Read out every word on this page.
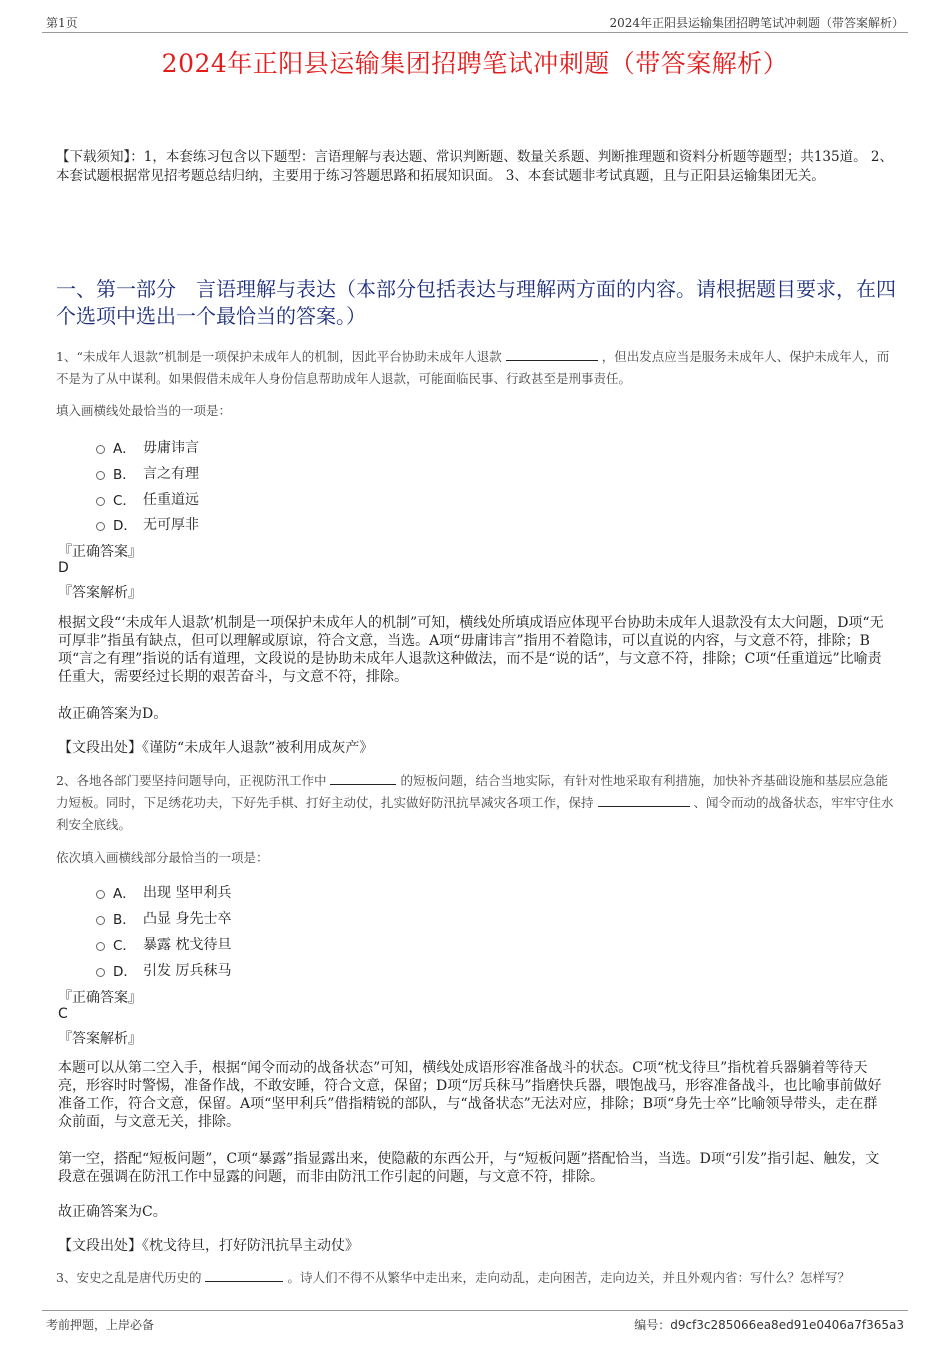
第1页	2024年正阳县运输集团招聘笔试冲刺题（带答案解析）
2024年正阳县运输集团招聘笔试冲刺题（带答案解析）
【下载须知】：1，本套练习包含以下题型：言语理解与表达题、常识判断题、数量关系题、判断推理题和资料分析题等题型；共135道。 2、本套试题根据常见招考题总结归纳，主要用于练习答题思路和拓展知识面。 3、本套试题非考试真题，且与正阳县运输集团无关。
一、第一部分　言语理解与表达（本部分包括表达与理解两方面的内容。请根据题目要求，在四个选项中选出一个最恰当的答案。）
1、“未成年人退款”机制是一项保护未成年人的机制，因此平台协助未成年人退款	，但出发点应当是服务未成年人、保护未成年人，而不是为了从中谋利。如果假借未成年人身份信息帮助成年人退款，可能面临民事、行政甚至是刑事责任。
填入画横线处最恰当的一项是：
A． 毋庸讳言
B． 言之有理
C． 任重道远
D． 无可厚非
『正确答案』
D
『答案解析』
根据文段“‘未成年人退款’机制是一项保护未成年人的机制”可知，横线处所填成语应体现平台协助未成年人退款没有太大问题，D项“无可厚非”指虽有缺点，但可以理解或原谅，符合文意，当选。A项“毋庸讳言”指用不着隐讳，可以直说的内容，与文意不符，排除；B项“言之有理”指说的话有道理，文段说的是协助未成年人退款这种做法，而不是“说的话”，与文意不符，排除；C项“任重道远”比喻责任重大，需要经过长期的艰苦奋斗，与文意不符，排除。
故正确答案为D。
【文段出处】《谨防“未成年人退款”被利用成灰产》
2、各地各部门要坚持问题导向，正视防汛工作中	的短板问题，结合当地实际，有针对性地采取有利措施，加快补齐基础设施和基层应急能力短板。同时，下足绣花功夫，下好先手棋、打好主动仗，扎实做好防汛抗旱减灾各项工作，保持	、闻令而动的战备状态，牢牢守住水利安全底线。
依次填入画横线部分最恰当的一项是：
A． 出现 坚甲利兵
B． 凸显 身先士卒
C． 暴露 枕戈待旦
D． 引发 厉兵秣马
『正确答案』
C
『答案解析』
本题可以从第二空入手，根据“闻令而动的战备状态”可知，横线处成语形容准备战斗的状态。C项“枕戈待旦”指枕着兵器躺着等待天亮，形容时时警惕，准备作战，不敢安睡，符合文意，保留；D项“厉兵秣马”指磨快兵器，喂饱战马，形容准备战斗，也比喻事前做好准备工作，符合文意，保留。A项“坚甲利兵”借指精锐的部队，与“战备状态”无法对应，排除；B项“身先士卒”比喻领导带头，走在群众前面，与文意无关，排除。
第一空，搭配“短板问题”，C项“暴露”指显露出来，使隐蔽的东西公开，与“短板问题”搭配恰当，当选。D项“引发”指引起、触发，文段意在强调在防汛工作中显露的问题，而非由防汛工作引起的问题，与文意不符，排除。
故正确答案为C。
【文段出处】《枕戈待旦，打好防汛抗旱主动仗》
3、安史之乱是唐代历史的	。诗人们不得不从繁华中走出来，走向动乱，走向困苦，走向边关，并且外观内省：写什么？怎样写？
考前押题，上岸必备	编号：d9cf3c285066ea8ed91e0406a7f365a3
